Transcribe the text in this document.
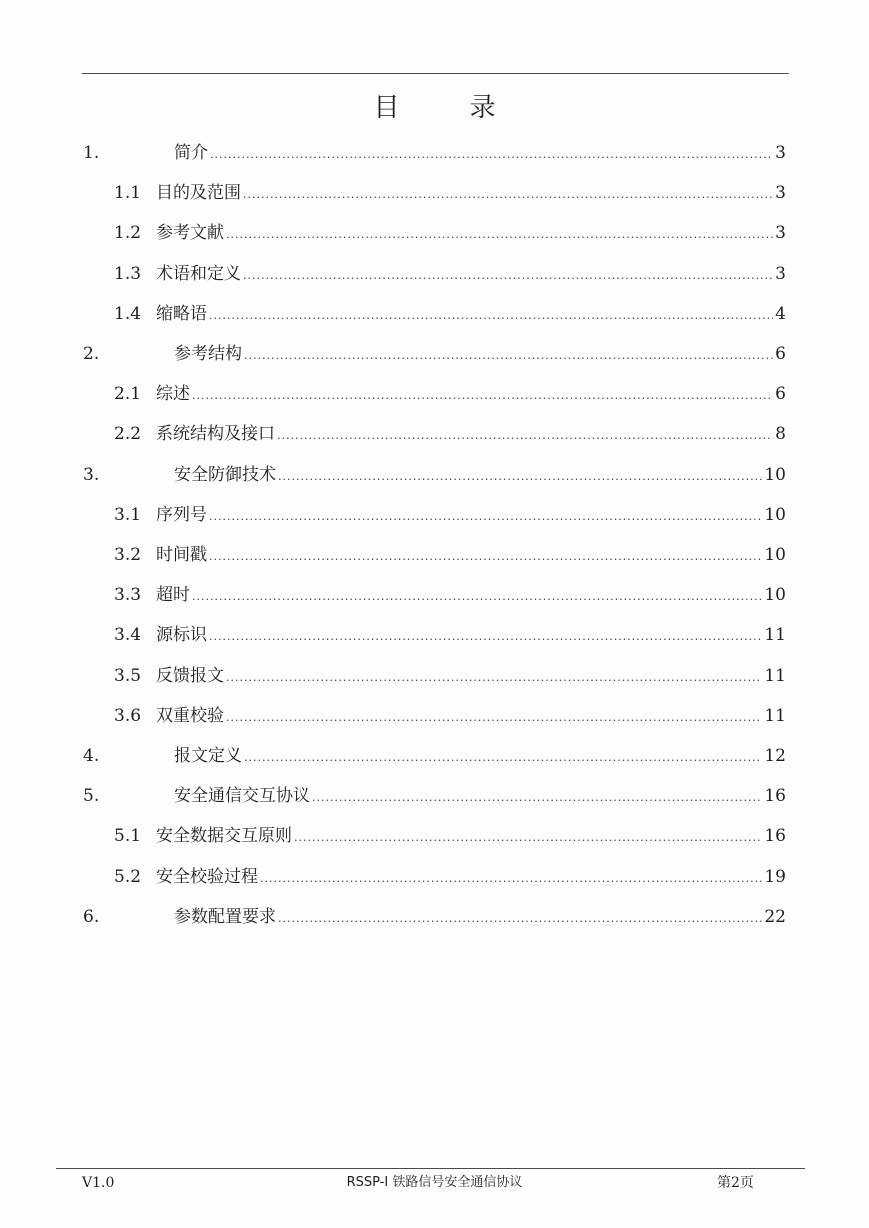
目　录
1.	简介 .....	3
1.1 目的及范围 .....	3
1.2 参考文献 .....	3
1.3 术语和定义 .....	3
1.4 缩略语 .....	4
2.	参考结构 .....	6
2.1 综述 .....	6
2.2 系统结构及接口 .....	8
3.	安全防御技术 .....	10
3.1 序列号 .....	10
3.2 时间戳 .....	10
3.3 超时 .....	10
3.4 源标识 .....	11
3.5 反馈报文 .....	11
3.6 双重校验 .....	11
4.	报文定义 .....	12
5.	安全通信交互协议 .....	16
5.1 安全数据交互原则 .....	16
5.2 安全校验过程 .....	19
6.	参数配置要求 .....	22
V1.0	RSSP-I 铁路信号安全通信协议	第2页
